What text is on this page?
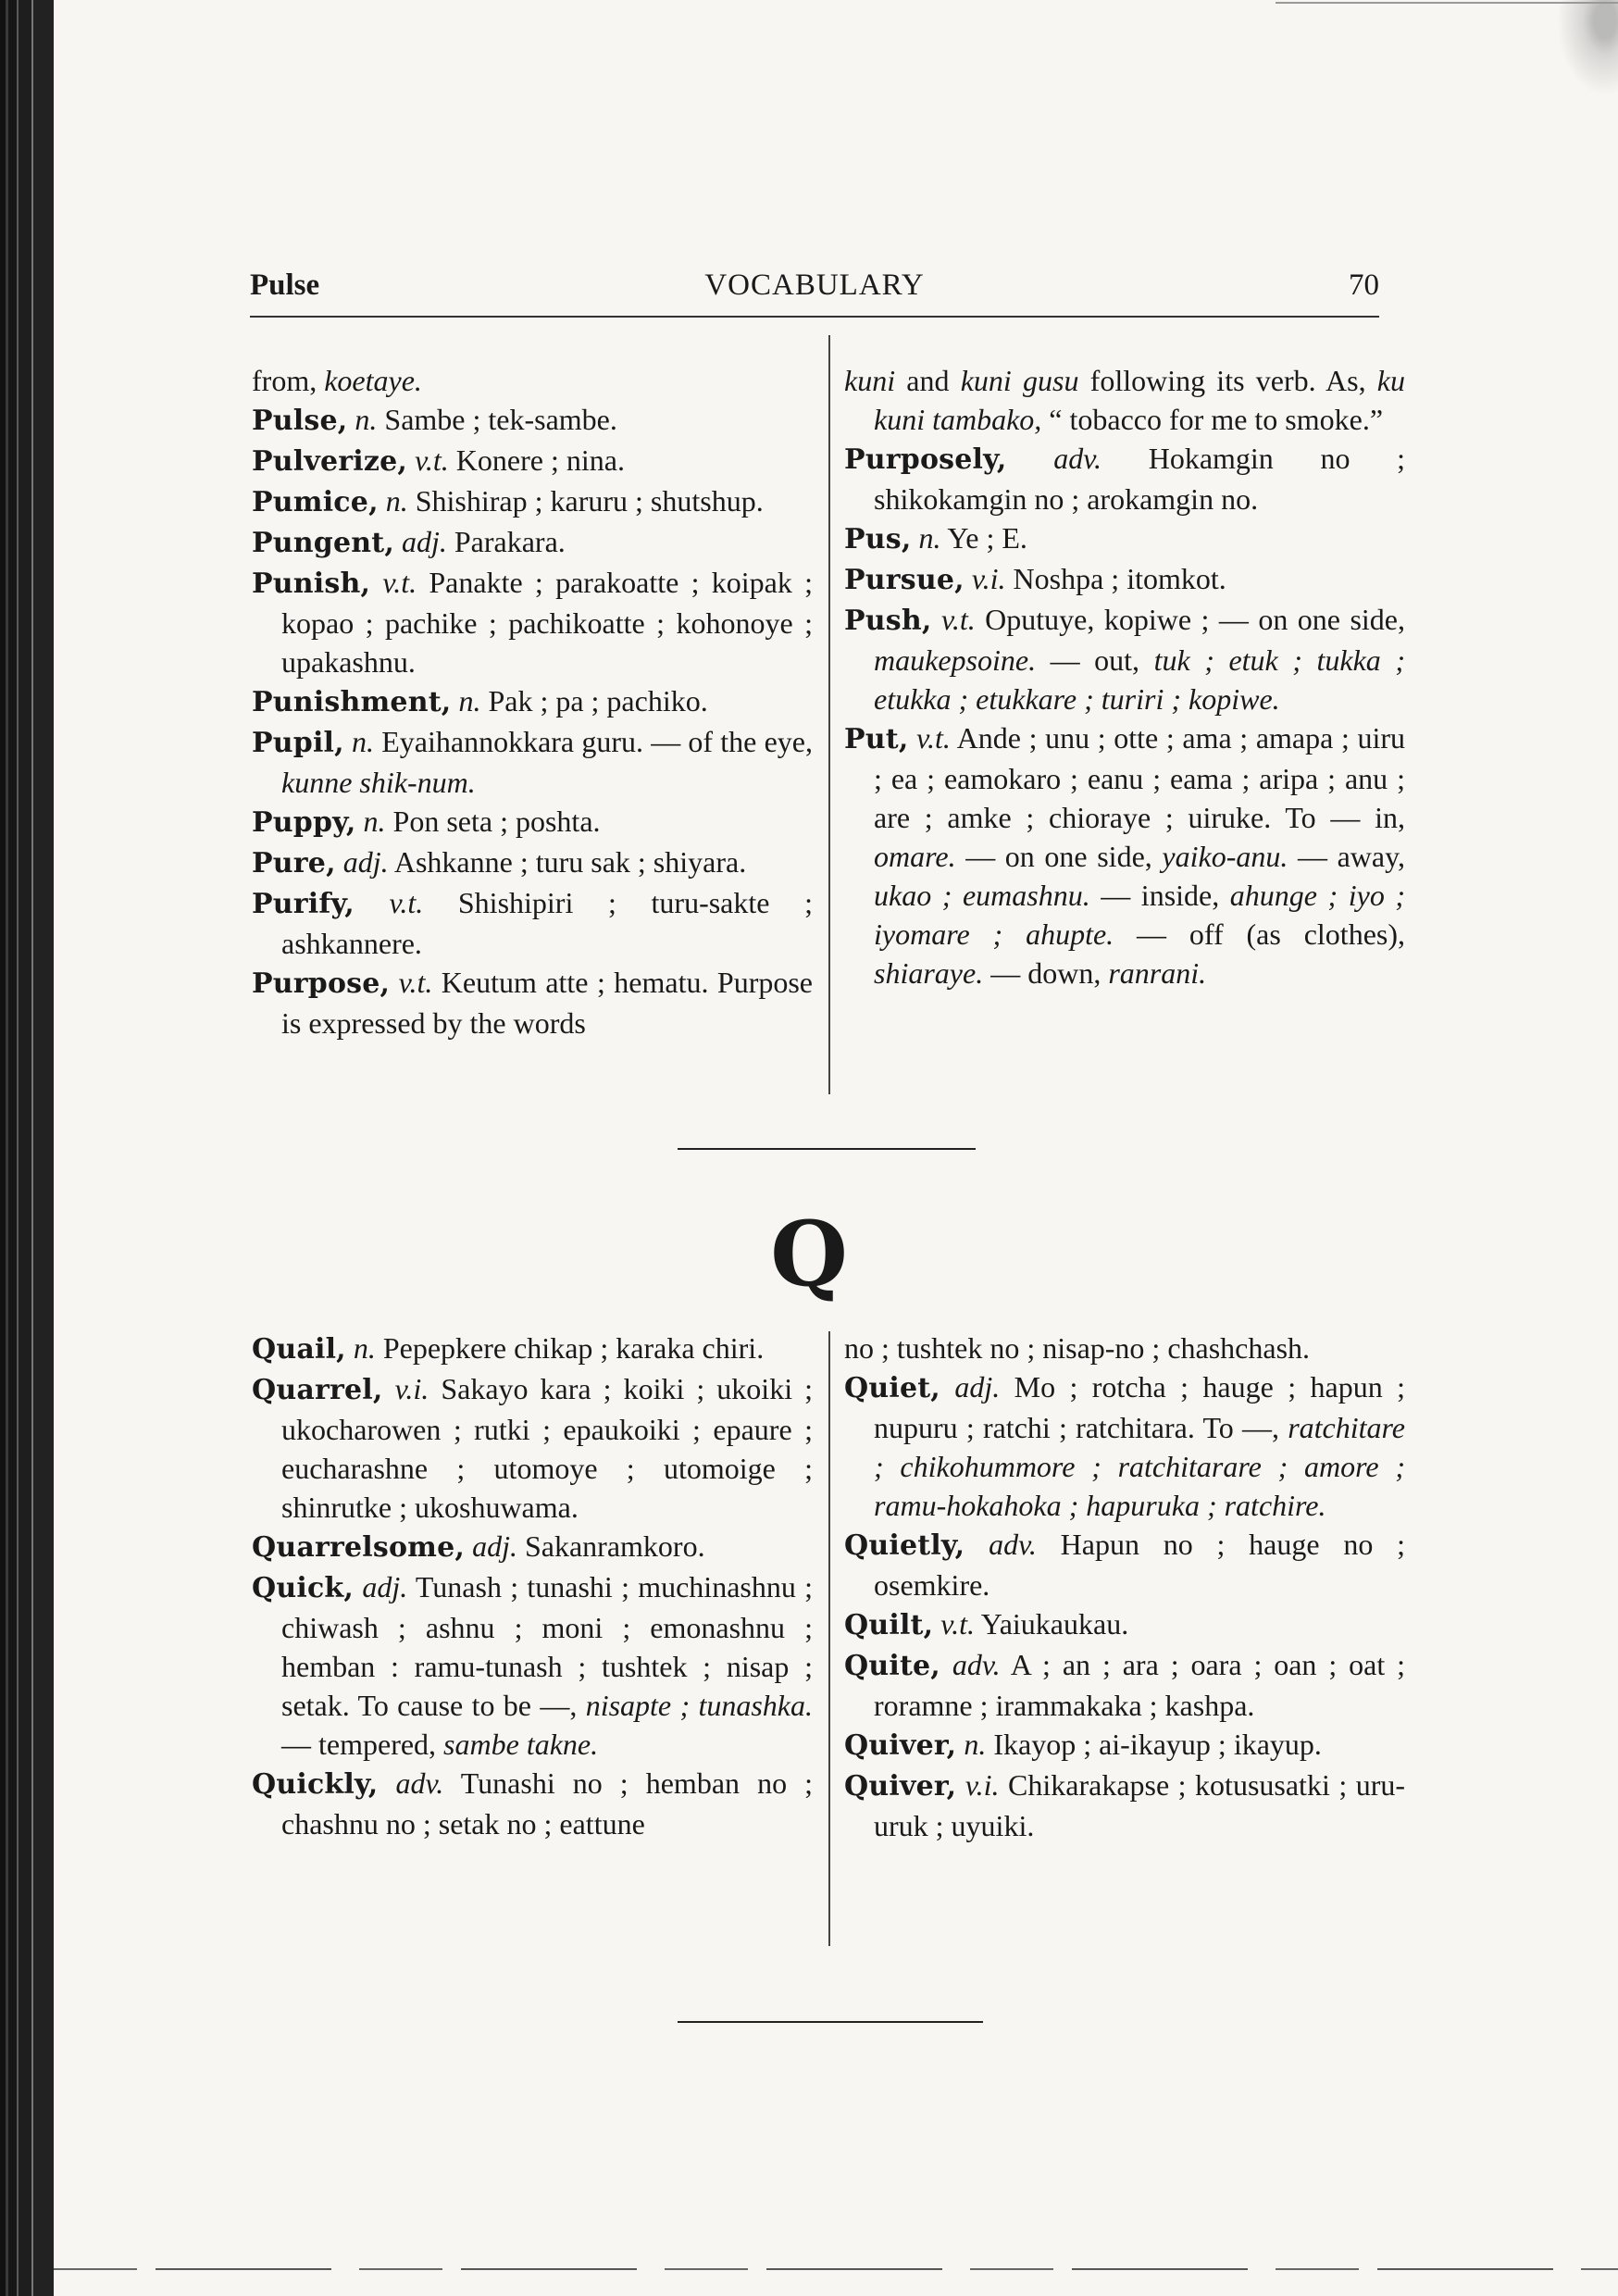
Pulse	VOCABULARY	70

from, koetaye.

Pulse, n. Sambe ; tek-sambe.

Pulverize, v.t. Konere ; nina.

Pumice, n. Shishirap ; karuru ; shutshup.

Pungent, adj. Parakara.

Punish, v.t. Panakte ; parakoatte ; koipak ; kopao ; pachike ; pachikoatte ; kohonoye ; upakashnu.

Punishment, n. Pak ; pa ; pachiko.

Pupil, n. Eyaihannokkara guru. — of the eye, kunne shik-num.

Puppy, n. Pon seta ; poshta.

Pure, adj. Ashkanne ; turu sak ; shiyara.

Purify, v.t. Shishipiri ; turu-sakte ; ashkannere.

Purpose, v.t. Keutum atte ; hematu. Purpose is expressed by the words

kuni and kuni gusu following its verb. As, ku kuni tambako, “ tobacco for me to smoke.”

Purposely, adv. Hokamgin no ; shikokamgin no ; arokamgin no.

Pus, n. Ye ; E.

Pursue, v.i. Noshpa ; itomkot.

Push, v.t. Oputuye, kopiwe ; — on one side, maukepsoine. — out, tuk ; etuk ; tukka ; etukka ; etukkare ; turiri ; kopiwe.

Put, v.t. Ande ; unu ; otte ; ama ; amapa ; uiru ; ea ; eamokaro ; eanu ; eama ; aripa ; anu ; are ; amke ; chioraye ; uiruke. To — in, omare. — on one side, yaiko-anu. — away, ukao ; eumashnu. — inside, ahunge ; iyo ; iyomare ; ahupte. — off (as clothes), shiaraye. — down, ranrani.

Q

Quail, n. Pepepkere chikap ; karaka chiri.

Quarrel, v.i. Sakayo kara ; koiki ; ukoiki ; ukocharowen ; rutki ; epaukoiki ; epaure ; eucharashne ; utomoye ; utomoige ; shinrutke ; ukoshuwama.

Quarrelsome, adj. Sakanramkoro.

Quick, adj. Tunash ; tunashi ; muchinashnu ; chiwash ; ashnu ; moni ; emonashnu ; hemban : ramu-tunash ; tushtek ; nisap ; setak. To cause to be —, nisapte ; tunashka. — tempered, sambe takne.

Quickly, adv. Tunashi no ; hemban no ; chashnu no ; setak no ; eattune

no ; tushtek no ; nisap-no ; chashchash.

Quiet, adj. Mo ; rotcha ; hauge ; hapun ; nupuru ; ratchi ; ratchitara. To —, ratchitare ; chikohummore ; ratchitarare ; amore ; ramu-hokahoka ; hapuruka ; ratchire.

Quietly, adv. Hapun no ; hauge no ; osemkire.

Quilt, v.t. Yaiukaukau.

Quite, adv. A ; an ; ara ; oara ; oan ; oat ; roramne ; irammakaka ; kashpa.

Quiver, n. Ikayop ; ai-ikayup ; ikayup.

Quiver, v.i. Chikarakapse ; kotususatki ; uru-uruk ; uyuiki.
